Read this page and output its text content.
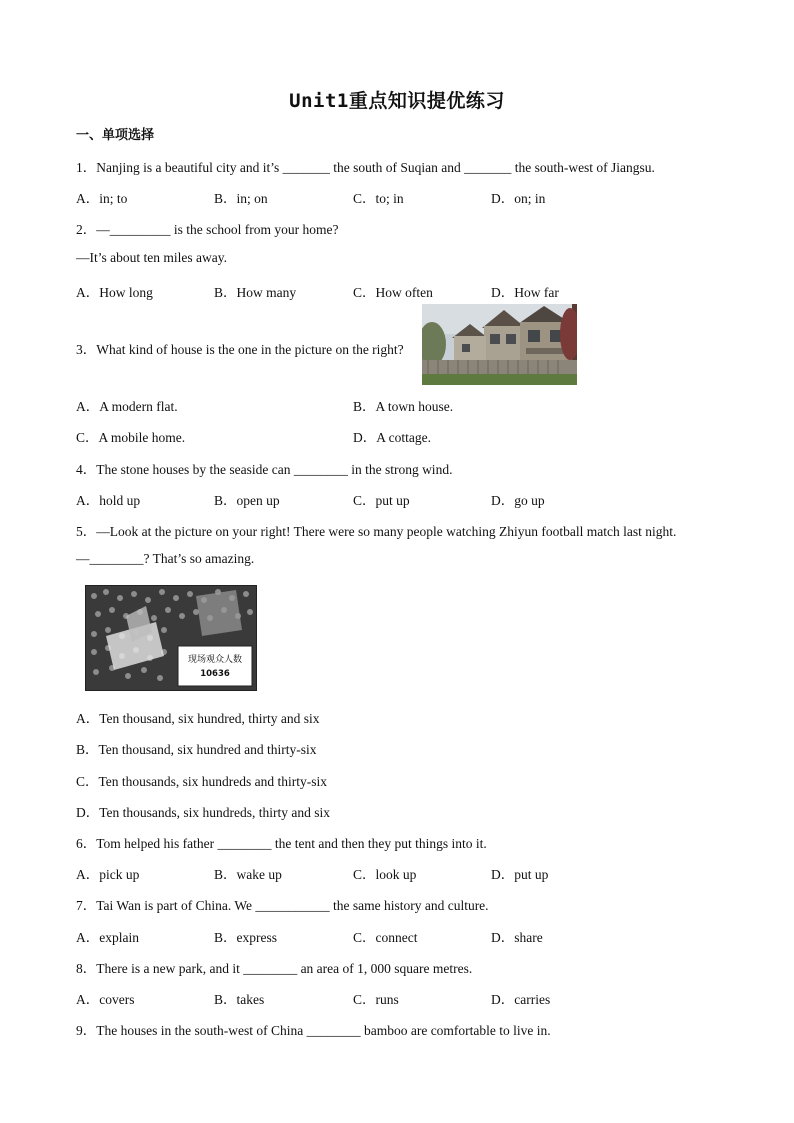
Unit1重点知识提优练习
一、单项选择
1．Nanjing is a beautiful city and it’s _______ the south of Suqian and _______ the south-west of Jiangsu.
A．in; to	B．in; on	C．to; in	D．on; in
2．—_________ is the school from your home?
—It’s about ten miles away.
A．How long	B．How many	C．How often	D．How far
3．What kind of house is the one in the picture on the right?
A．A modern flat.	B．A town house.
C．A mobile home.	D．A cottage.
4．The stone houses by the seaside can ________ in the strong wind.
A．hold up	B．open up	C．put up	D．go up
5．—Look at the picture on your right! There were so many people watching Zhiyun football match last night.
—________? That’s so amazing.
现场观众人数
10636
A．Ten thousand, six hundred, thirty and six
B．Ten thousand, six hundred and thirty-six
C．Ten thousands, six hundreds and thirty-six
D．Ten thousands, six hundreds, thirty and six
6．Tom helped his father ________ the tent and then they put things into it.
A．pick up	B．wake up	C．look up	D．put up
7．Tai Wan is part of China. We ___________ the same history and culture.
A．explain	B．express	C．connect	D．share
8．There is a new park, and it ________ an area of 1, 000 square metres.
A．covers	B．takes	C．runs	D．carries
9．The houses in the south-west of China ________ bamboo are comfortable to live in.
